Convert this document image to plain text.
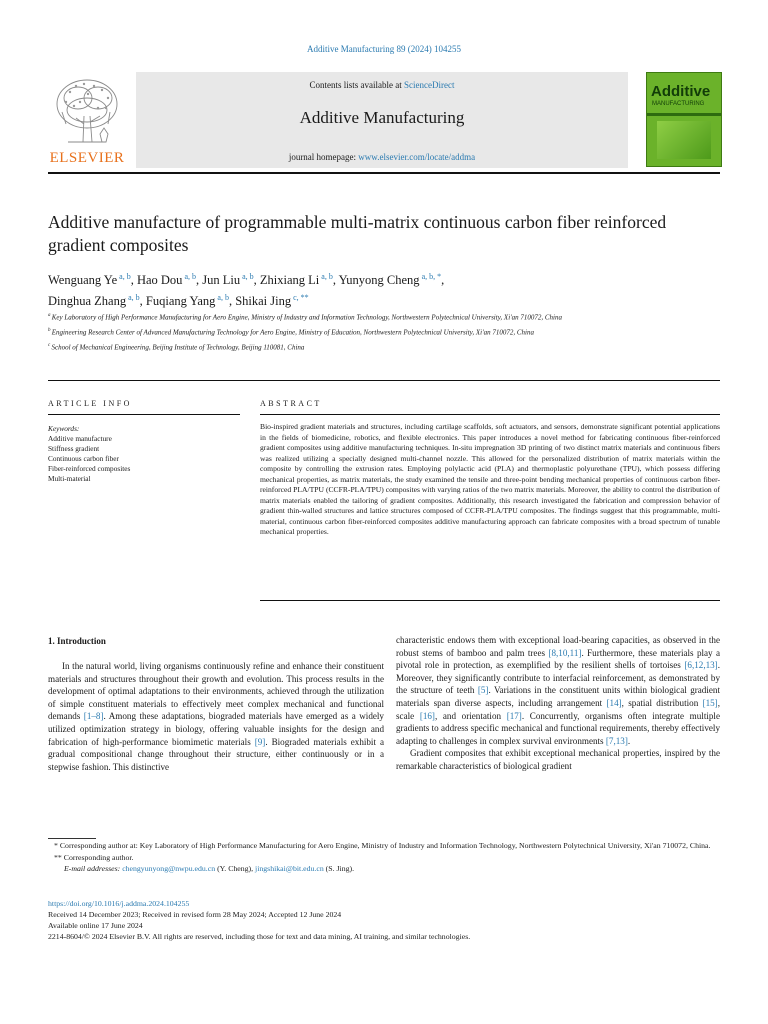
Additive Manufacturing 89 (2024) 104255
ELSEVIER
Contents lists available at ScienceDirect
Additive Manufacturing
journal homepage: www.elsevier.com/locate/addma
Additive
MANUFACTURING
Additive manufacture of programmable multi-matrix continuous carbon fiber reinforced gradient composites
Wenguang Ye $^{a, b}$, Hao Dou $^{a, b}$, Jun Liu $^{a, b}$, Zhixiang Li $^{a, b}$, Yunyong Cheng $^{a, b, *}$,
Dinghua Zhang $^{a, b}$, Fuqiang Yang $^{a, b}$, Shikai Jing $^{c, **}$
$^a$ Key Laboratory of High Performance Manufacturing for Aero Engine, Ministry of Industry and Information Technology, Northwestern Polytechnical University, Xi'an 710072, China
$^b$ Engineering Research Center of Advanced Manufacturing Technology for Aero Engine, Ministry of Education, Northwestern Polytechnical University, Xi'an 710072, China
$^c$ School of Mechanical Engineering, Beijing Institute of Technology, Beijing 110081, China
ARTICLE INFO	ABSTRACT
Keywords:
Additive manufacture
Stiffness gradient
Continuous carbon fiber
Fiber-reinforced composites
Multi-material
Bio-inspired gradient materials and structures, including cartilage scaffolds, soft actuators, and sensors, demonstrate significant potential applications in the fields of biomedicine, robotics, and flexible electronics. This paper introduces a novel method for fabricating continuous fiber-reinforced gradient composites using additive manufacturing techniques. In-situ impregnation 3D printing of two distinct matrix materials and continuous fibers was realized utilizing a specially designed multi-channel nozzle. This allowed for the personalized distribution of matrix materials within the composite by controlling the extrusion rates. Employing polylactic acid (PLA) and thermoplastic polyurethane (TPU), which possess differing mechanical properties, as matrix materials, the study examined the tensile and three-point bending mechanical properties of continuous carbon fiber-reinforced PLA/TPU (CCFR-PLA/TPU) composites with varying ratios of the two matrix materials. Moreover, the ability to control the distribution of matrix materials enabled the tailoring of gradient composites. Additionally, this research investigated the fabrication and compression behavior of gradient thin-walled structures and lattice structures composed of CCFR-PLA/TPU composites. The findings suggest that this programmable, multi-material, continuous carbon fiber-reinforced composites additive manufacturing approach can fabricate composites with a broad spectrum of tunable mechanical properties.
1. Introduction

In the natural world, living organisms continuously refine and enhance their constituent materials and structures throughout their growth and evolution. This process results in the development of optimal adaptations to their environments, achieved through the utilization of simple constituent materials to effectively meet complex mechanical and functional demands [1–8]. Among these adaptations, biograded materials have emerged as a widely utilized optimization strategy in biology, offering valuable insights for the design and fabrication of high-performance biomimetic materials [9]. Biograded materials exhibit a gradual compositional change throughout their structure, either continuously or in a stepwise fashion. This distinctive

characteristic endows them with exceptional load-bearing capacities, as observed in the robust stems of bamboo and palm trees [8,10,11]. Furthermore, these materials play a pivotal role in protection, as exemplified by the resilient shells of tortoises [6,12,13]. Moreover, they significantly contribute to interfacial reinforcement, as demonstrated by the structure of teeth [5]. Variations in the constituent units within biological gradient materials span diverse aspects, including arrangement [14], spatial distribution [15], scale [16], and orientation [17]. Concurrently, organisms often integrate multiple gradients to address specific mechanical and functional requirements, thereby effectively adapting to challenges in complex survival environments [7,13].

Gradient composites that exhibit exceptional mechanical properties, inspired by the remarkable characteristics of biological gradient

* Corresponding author at: Key Laboratory of High Performance Manufacturing for Aero Engine, Ministry of Industry and Information Technology, Northwestern Polytechnical University, Xi'an 710072, China.
** Corresponding author.
E-mail addresses: chengyunyong@nwpu.edu.cn (Y. Cheng), jingshikai@bit.edu.cn (S. Jing).
https://doi.org/10.1016/j.addma.2024.104255
Received 14 December 2023; Received in revised form 28 May 2024; Accepted 12 June 2024
Available online 17 June 2024
2214-8604/© 2024 Elsevier B.V. All rights are reserved, including those for text and data mining, AI training, and similar technologies.
